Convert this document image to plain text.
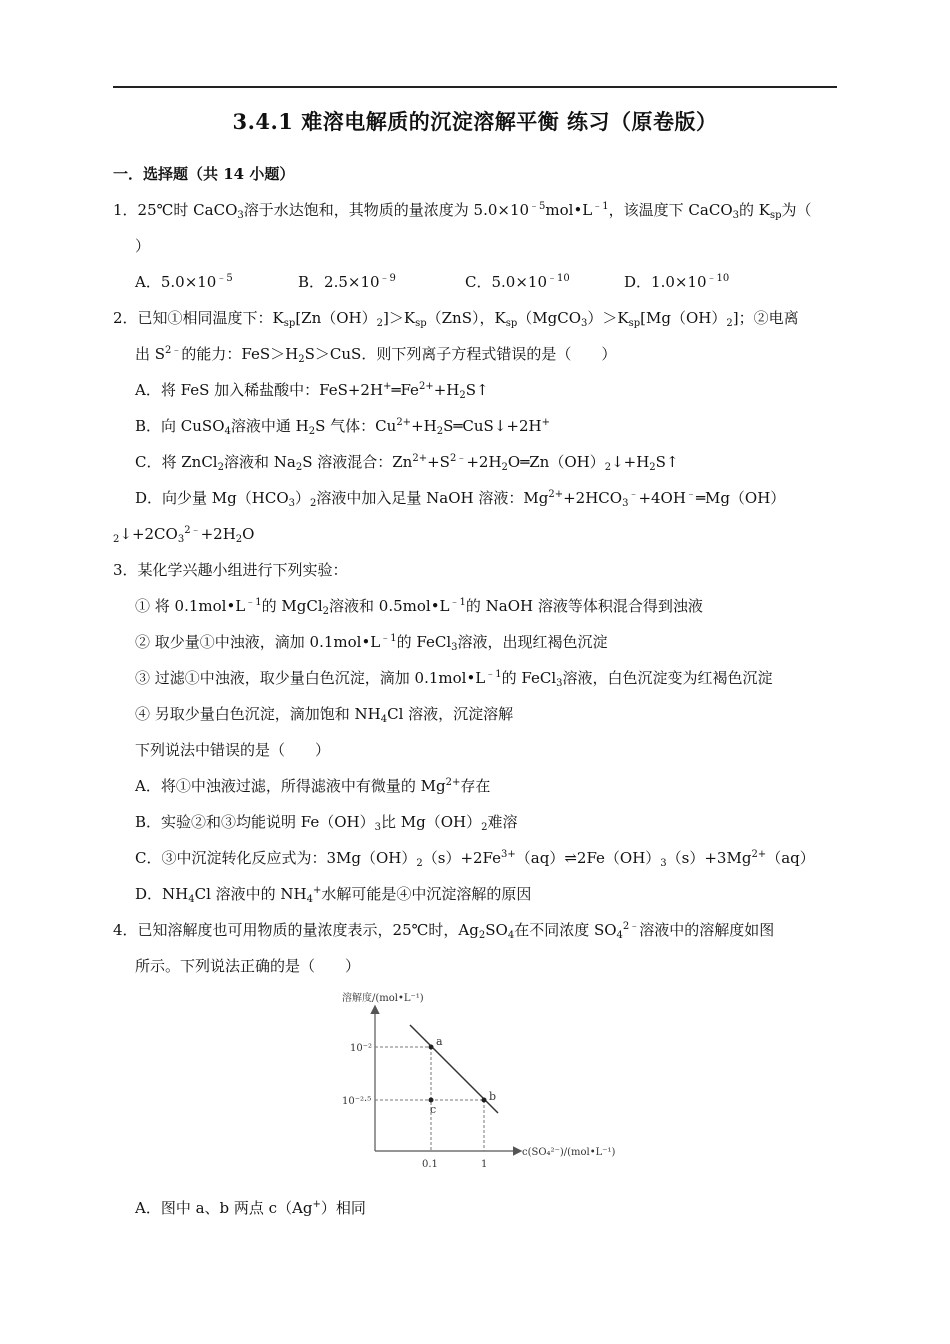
3.4.1 难溶电解质的沉淀溶解平衡 练习（原卷版）
一．选择题（共 14 小题）
1．25℃时 CaCO$_3$溶于水达饱和，其物质的量浓度为 $5.0\times 10^{﹣5}mol•L^{﹣1}$，该温度下 CaCO$_3$的 $K_{sp}$为（
）
A．$5.0\times 10^{﹣5}$	B．$2.5\times 10^{﹣9}$	C．$5.0\times 10^{﹣10}$	D．$1.0\times 10^{﹣10}$
2．已知①相同温度下：$K_{sp}[Zn(OH)_2]>K_{sp}(ZnS)$，$K_{sp}(MgCO_3)>K_{sp}[Mg(OH)_2]$；②电离
出 $S^{2﹣}$的能力：$FeS>H_2S>CuS$．则下列离子方程式错误的是（　　）
A．将 FeS 加入稀盐酸中：$FeS+2H^+═Fe^{2+}+H_2S↑$
B．向 CuSO$_4$溶液中通 $H_2S$ 气体：$Cu^{2+}+H_2S═CuS↓+2H^+$
C．将 ZnCl$_2$溶液和 $Na_2S$ 溶液混合：$Zn^{2+}+S^{2﹣}+2H_2O═Zn(OH)_2↓+H_2S↑$
D．向少量 $Mg(HCO_3)_2$溶液中加入足量 NaOH 溶液：$Mg^{2+}+2HCO_3^﹣+4OH^﹣═Mg(OH)$
$_2↓+2CO_3^{2﹣}+2H_2O$
3．某化学兴趣小组进行下列实验：
① 将 $0.1mol•L^{﹣1}$的 MgCl$_2$溶液和 $0.5mol•L^{﹣1}$的 NaOH 溶液等体积混合得到浊液
② 取少量①中浊液，滴加 $0.1mol•L^{﹣1}$的 FeCl$_3$溶液，出现红褐色沉淀
③ 过滤①中浊液，取少量白色沉淀，滴加 $0.1mol•L^{﹣1}$的 FeCl$_3$溶液，白色沉淀变为红褐色沉淀
④ 另取少量白色沉淀，滴加饱和 $NH_4Cl$ 溶液，沉淀溶解
下列说法中错误的是（　　）
A．将①中浊液过滤，所得滤液中有微量的 $Mg^{2+}$存在
B．实验②和③均能说明 $Fe(OH)_3$比 $Mg(OH)_2$难溶
C．③中沉淀转化反应式为：$3Mg(OH)_2(s)+2Fe^{3+}(aq)\rightleftharpoons 2Fe(OH)_3(s)+3Mg^{2+}(aq)$
D．$NH_4Cl$ 溶液中的 $NH_4^+$水解可能是④中沉淀溶解的原因
4．已知溶解度也可用物质的量浓度表示，25℃时，$Ag_2SO_4$在不同浓度 $SO_4^{2﹣}$溶液中的溶解度如图
所示。下列说法正确的是（　　）
溶解度/(mol•L⁻¹)
c(SO₄²⁻)/(mol•L⁻¹)
a
b
c
10⁻²
10⁻²·⁵
0.1	1
A．图中 a、b 两点 c（Ag+）相同
